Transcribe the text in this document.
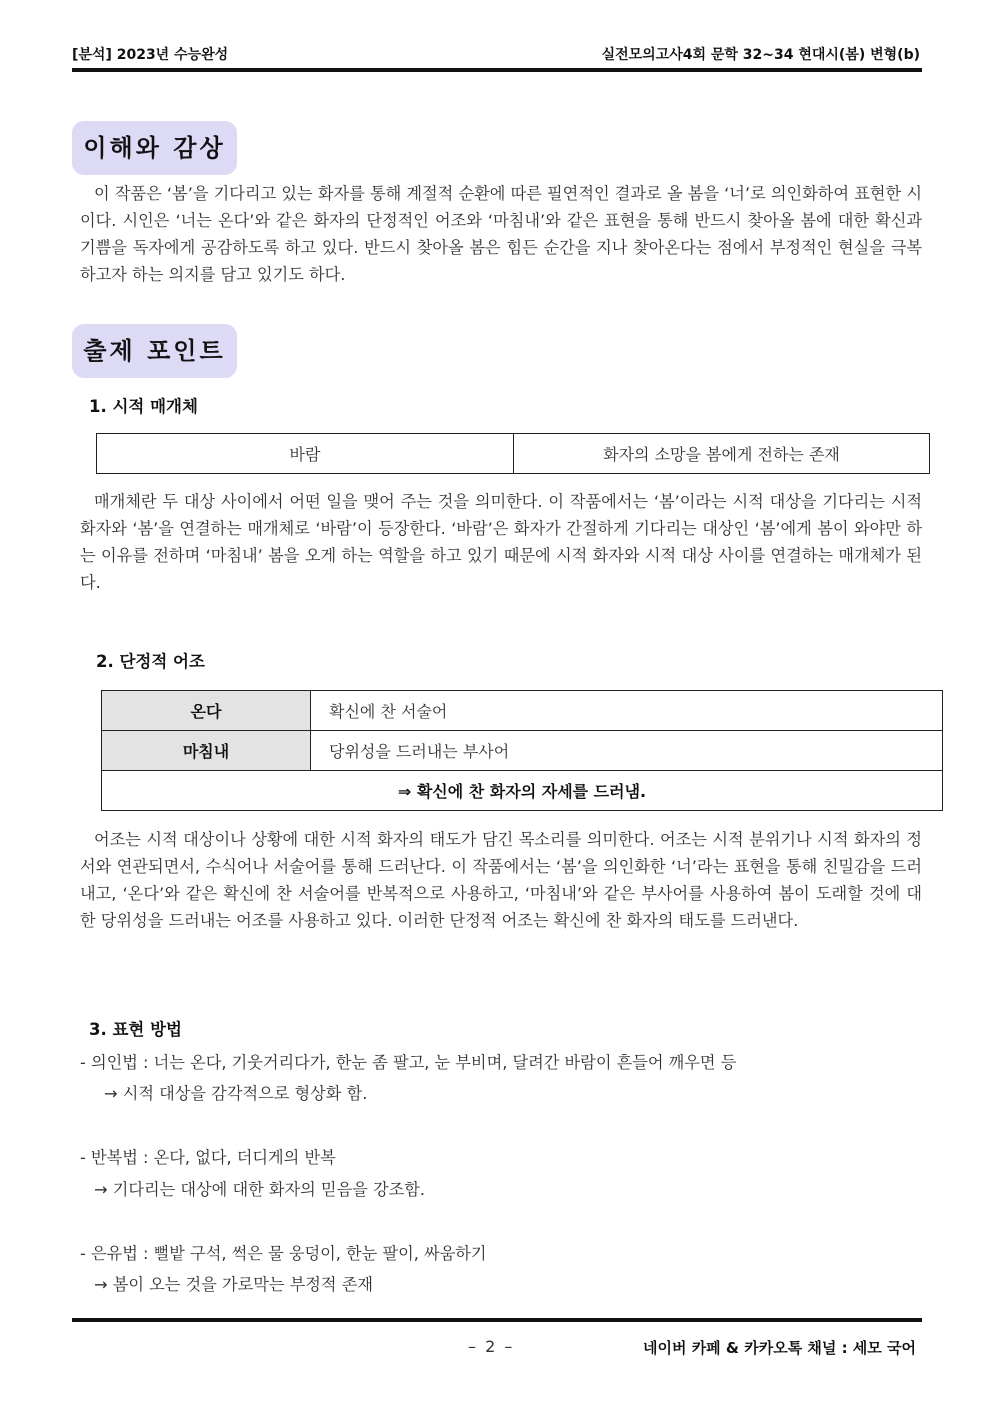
[분석] 2023년 수능완성	실전모의고사4회 문학 32~34 현대시(봄) 변형(b)
이해와 감상

이 작품은 ‘봄’을 기다리고 있는 화자를 통해 계절적 순환에 따른 필연적인 결과로 올 봄을 ‘너’로 의인화하여 표현한 시이다. 시인은 ‘너는 온다’와 같은 화자의 단정적인 어조와 ‘마침내’와 같은 표현을 통해 반드시 찾아올 봄에 대한 확신과 기쁨을 독자에게 공감하도록 하고 있다. 반드시 찾아올 봄은 힘든 순간을 지나 찾아온다는 점에서 부정적인 현실을 극복하고자 하는 의지를 담고 있기도 하다.

출제 포인트
1. 시적 매개체
바람	화자의 소망을 봄에게 전하는 존재

매개체란 두 대상 사이에서 어떤 일을 맺어 주는 것을 의미한다. 이 작품에서는 ‘봄’이라는 시적 대상을 기다리는 시적 화자와 ‘봄’을 연결하는 매개체로 ‘바람’이 등장한다. ‘바람’은 화자가 간절하게 기다리는 대상인 ‘봄’에게 봄이 와야만 하는 이유를 전하며 ‘마침내’ 봄을 오게 하는 역할을 하고 있기 때문에 시적 화자와 시적 대상 사이를 연결하는 매개체가 된다.

2. 단정적 어조
온다	확신에 찬 서술어
마침내	당위성을 드러내는 부사어
⇒ 확신에 찬 화자의 자세를 드러냄.	

어조는 시적 대상이나 상황에 대한 시적 화자의 태도가 담긴 목소리를 의미한다. 어조는 시적 분위기나 시적 화자의 정서와 연관되면서, 수식어나 서술어를 통해 드러난다. 이 작품에서는 ‘봄’을 의인화한 ‘너’라는 표현을 통해 친밀감을 드러내고, ‘온다’와 같은 확신에 찬 서술어를 반복적으로 사용하고, ‘마침내’와 같은 부사어를 사용하여 봄이 도래할 것에 대한 당위성을 드러내는 어조를 사용하고 있다. 이러한 단정적 어조는 확신에 찬 화자의 태도를 드러낸다.

3. 표현 방법
- 의인법 : 너는 온다, 기웃거리다가, 한눈 좀 팔고, 눈 부비며, 달려간 바람이 흔들어 깨우면 등
→ 시적 대상을 감각적으로 형상화 함.
- 반복법 : 온다, 없다, 더디게의 반복
→ 기다리는 대상에 대한 화자의 믿음을 강조함.
- 은유법 : 뻘밭 구석, 썩은 물 웅덩이, 한눈 팔이, 싸움하기
→ 봄이 오는 것을 가로막는 부정적 존재
– 2 –	네이버 카페 & 카카오톡 채널 : 세모 국어
